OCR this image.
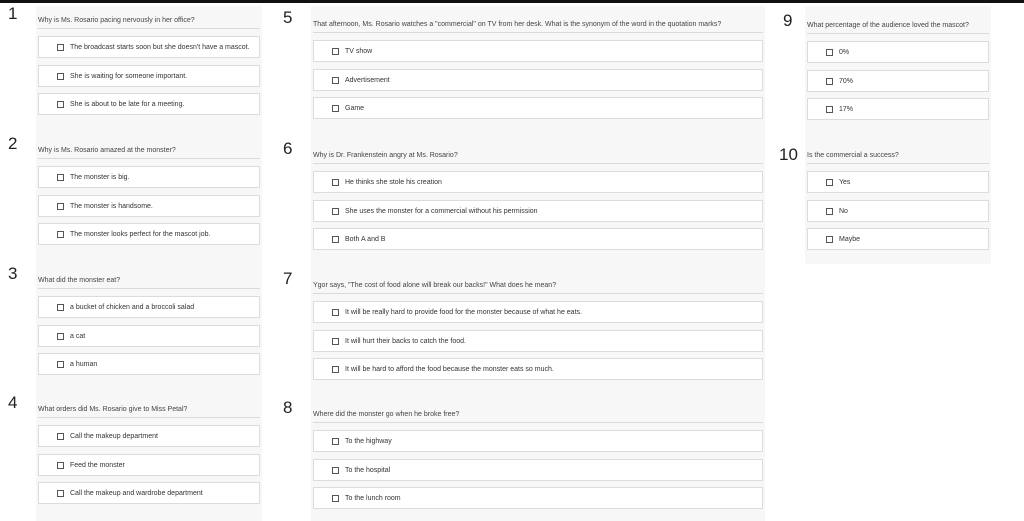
1	Why is Ms. Rosario pacing nervously in her office?
The broadcast starts soon but she doesn't have a mascot.
She is waiting for someone important.
She is about to be late for a meeting.
2	Why is Ms. Rosario amazed at the monster?
The monster is big.
The monster is handsome.
The monster looks perfect for the mascot job.
3	What did the monster eat?
a bucket of chicken and a broccoli salad
a cat
a human
4	What orders did Ms. Rosario give to Miss Petal?
Call the makeup department
Feed the monster
Call the makeup and wardrobe department
5	That afternoon, Ms. Rosario watches a "commercial" on TV from her desk. What is the synonym of the word in the quotation marks?
TV show
Advertisement
Game
6	Why is Dr. Frankenstein angry at Ms. Rosario?
He thinks she stole his creation
She uses the monster for a commercial without his permission
Both A and B
7	Ygor says, "The cost of food alone will break our backs!" What does he mean?
It will be really hard to provide food for the monster because of what he eats.
It will hurt their backs to catch the food.
It will be hard to afford the food because the monster eats so much.
8	Where did the monster go when he broke free?
To the highway
To the hospital
To the lunch room
9 What percentage of the audience loved the mascot?
0%
70%
17%
10 Is the commercial a success?
Yes
No
Maybe
